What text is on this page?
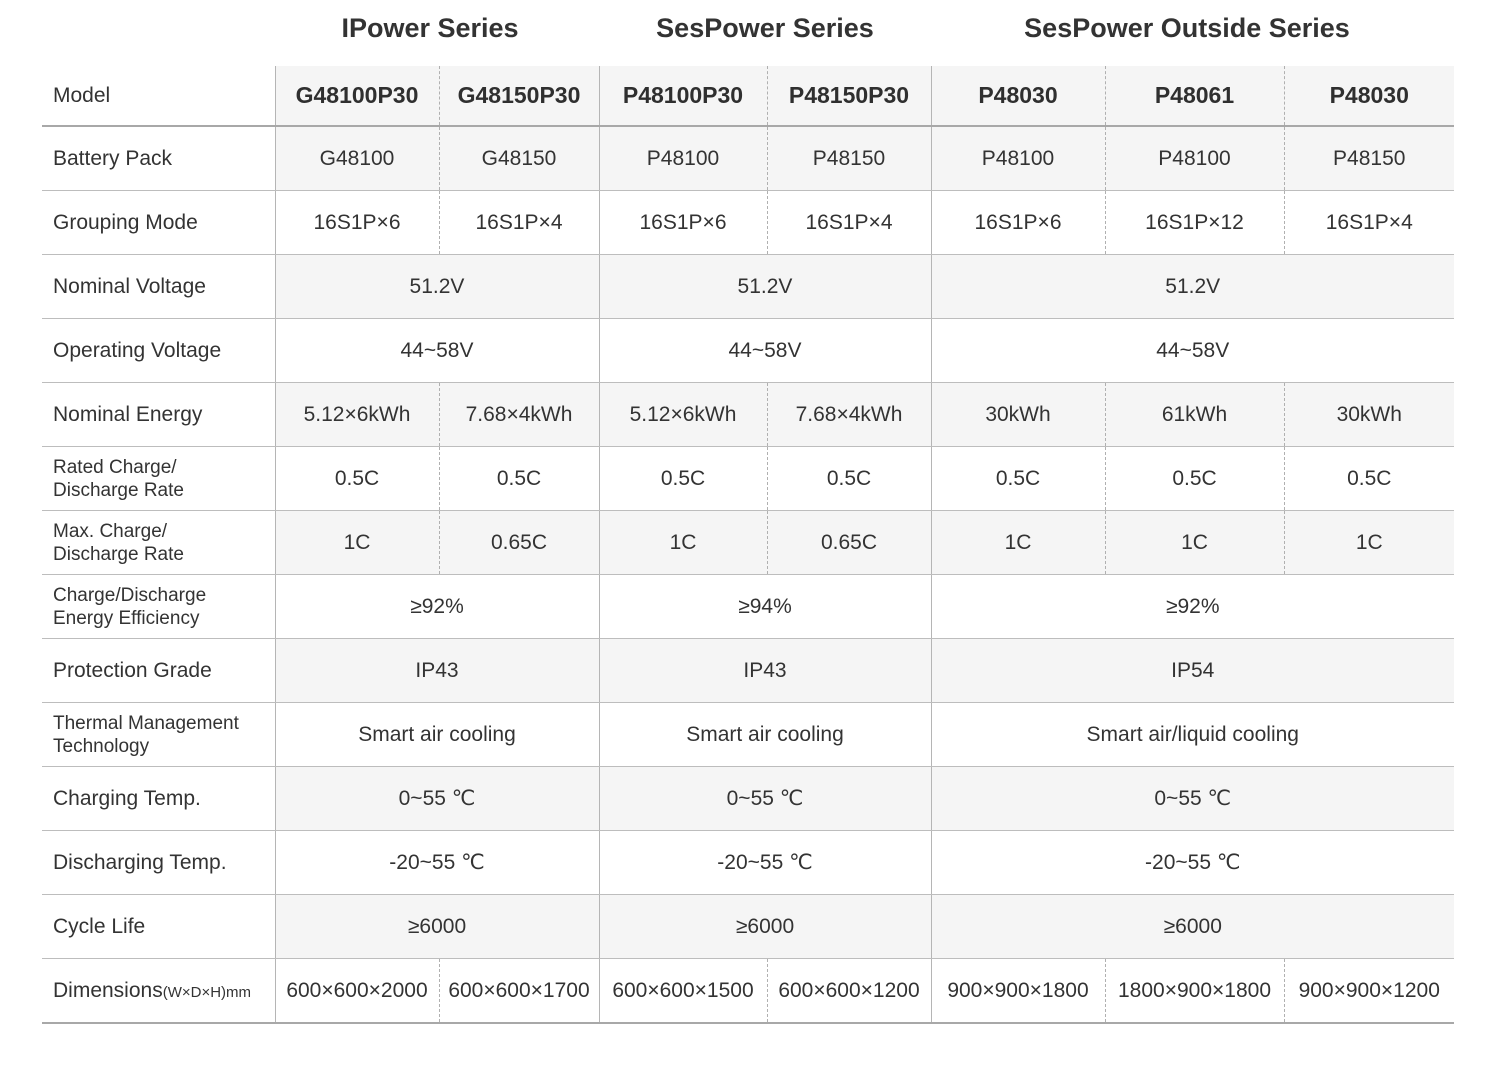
IPower Series	SesPower Series	SesPower Outside Series
Model	G48100P30	G48150P30	P48100P30	P48150P30	P48030	P48061	P48030
Battery Pack	G48100	G48150	P48100	P48150	P48100	P48100	P48150
Grouping Mode	16S1P×6	16S1P×4	16S1P×6	16S1P×4	16S1P×6	16S1P×12	16S1P×4
Nominal Voltage	51.2V		51.2V		51.2V		
Operating Voltage	44~58V		44~58V		44~58V		
Nominal Energy	5.12×6kWh	7.68×4kWh	5.12×6kWh	7.68×4kWh	30kWh	61kWh	30kWh

Rated Charge/
Discharge Rate	0.5C	0.5C	0.5C	0.5C	0.5C	0.5C	0.5C

Max. Charge/
Discharge Rate	1C	0.65C	1C	0.65C	1C	1C	1C

Charge/Discharge
Energy Efficiency	≥92%		≥94%		≥92%		
Protection Grade	IP43		IP43		IP54		

Thermal Management
Technology	Smart air cooling		Smart air cooling		Smart air/liquid cooling		
Charging Temp.	0~55 ℃		0~55 ℃		0~55 ℃		
Discharging Temp.	-20~55 ℃		-20~55 ℃		-20~55 ℃		
Cycle Life	≥6000		≥6000		≥6000		
Dimensions(W×D×H)mm	600×600×2000	600×600×1700	600×600×1500	600×600×1200	900×900×1800	1800×900×1800	900×900×1200
